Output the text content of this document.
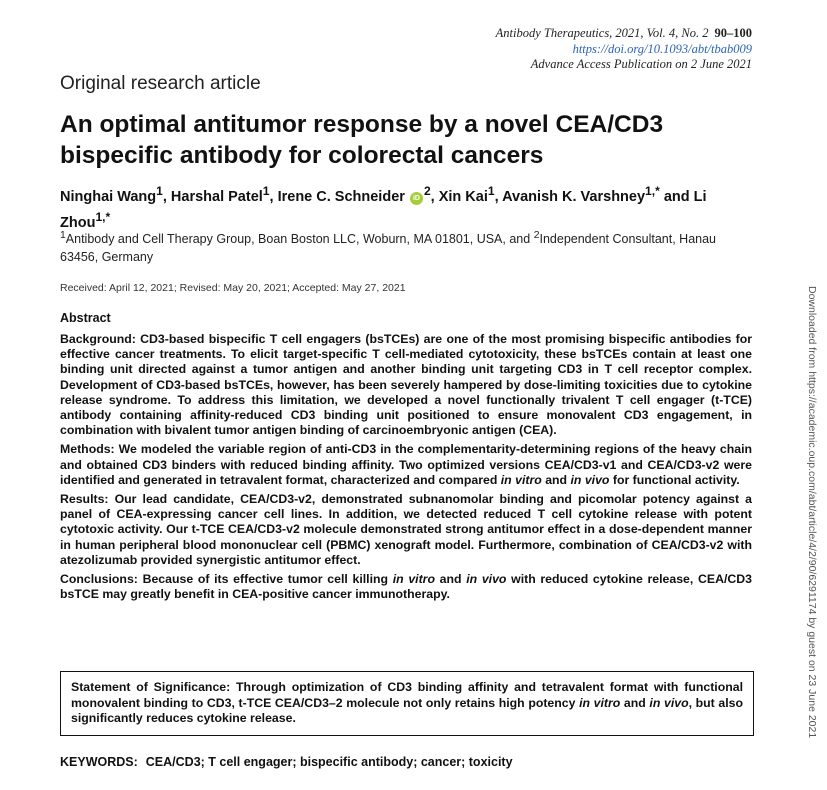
Antibody Therapeutics, 2021, Vol. 4, No. 2 90–100
https://doi.org/10.1093/abt/tbab009
Advance Access Publication on 2 June 2021
Original research article
An optimal antitumor response by a novel CEA/CD3 bispecific antibody for colorectal cancers
Ninghai Wang$^1$, Harshal Patel$^1$, Irene C. Schneider $iD^2$, Xin Kai$^1$, Avanish K. Varshney$^{1,*}$ and Li Zhou$^{1,*}$
$^1$Antibody and Cell Therapy Group, Boan Boston LLC, Woburn, MA 01801, USA, and $^2$Independent Consultant, Hanau 63456, Germany
Received: April 12, 2021; Revised: May 20, 2021; Accepted: May 27, 2021
Abstract

Background: CD3-based bispecific T cell engagers (bsTCEs) are one of the most promising bispecific antibodies for effective cancer treatments. To elicit target-specific T cell-mediated cytotoxicity, these bsTCEs contain at least one binding unit directed against a tumor antigen and another binding unit targeting CD3 in T cell receptor complex. Development of CD3-based bsTCEs, however, has been severely hampered by dose-limiting toxicities due to cytokine release syndrome. To address this limitation, we developed a novel functionally trivalent T cell engager (t-TCE) antibody containing affinity-reduced CD3 binding unit positioned to ensure monovalent CD3 engagement, in combination with bivalent tumor antigen binding of carcinoembryonic antigen (CEA).

Methods: We modeled the variable region of anti-CD3 in the complementarity-determining regions of the heavy chain and obtained CD3 binders with reduced binding affinity. Two optimized versions CEA/CD3-v1 and CEA/CD3-v2 were identified and generated in tetravalent format, characterized and compared in vitro and in vivo for functional activity.

Results: Our lead candidate, CEA/CD3-v2, demonstrated subnanomolar binding and picomolar potency against a panel of CEA-expressing cancer cell lines. In addition, we detected reduced T cell cytokine release with potent cytotoxic activity. Our t-TCE CEA/CD3-v2 molecule demonstrated strong antitumor effect in a dose-dependent manner in human peripheral blood mononuclear cell (PBMC) xenograft model. Furthermore, combination of CEA/CD3-v2 with atezolizumab provided synergistic antitumor effect.

Conclusions: Because of its effective tumor cell killing in vitro and in vivo with reduced cytokine release, CEA/CD3 bsTCE may greatly benefit in CEA-positive cancer immunotherapy.

Statement of Significance: Through optimization of CD3 binding affinity and tetravalent format with functional monovalent binding to CD3, t-TCE CEA/CD3–2 molecule not only retains high potency in vitro and in vivo, but also significantly reduces cytokine release.
KEYWORDS: CEA/CD3; T cell engager; bispecific antibody; cancer; toxicity
Downloaded from https://academic.oup.com/abt/article/4/2/90/6291174 by guest on 23 June 2021
